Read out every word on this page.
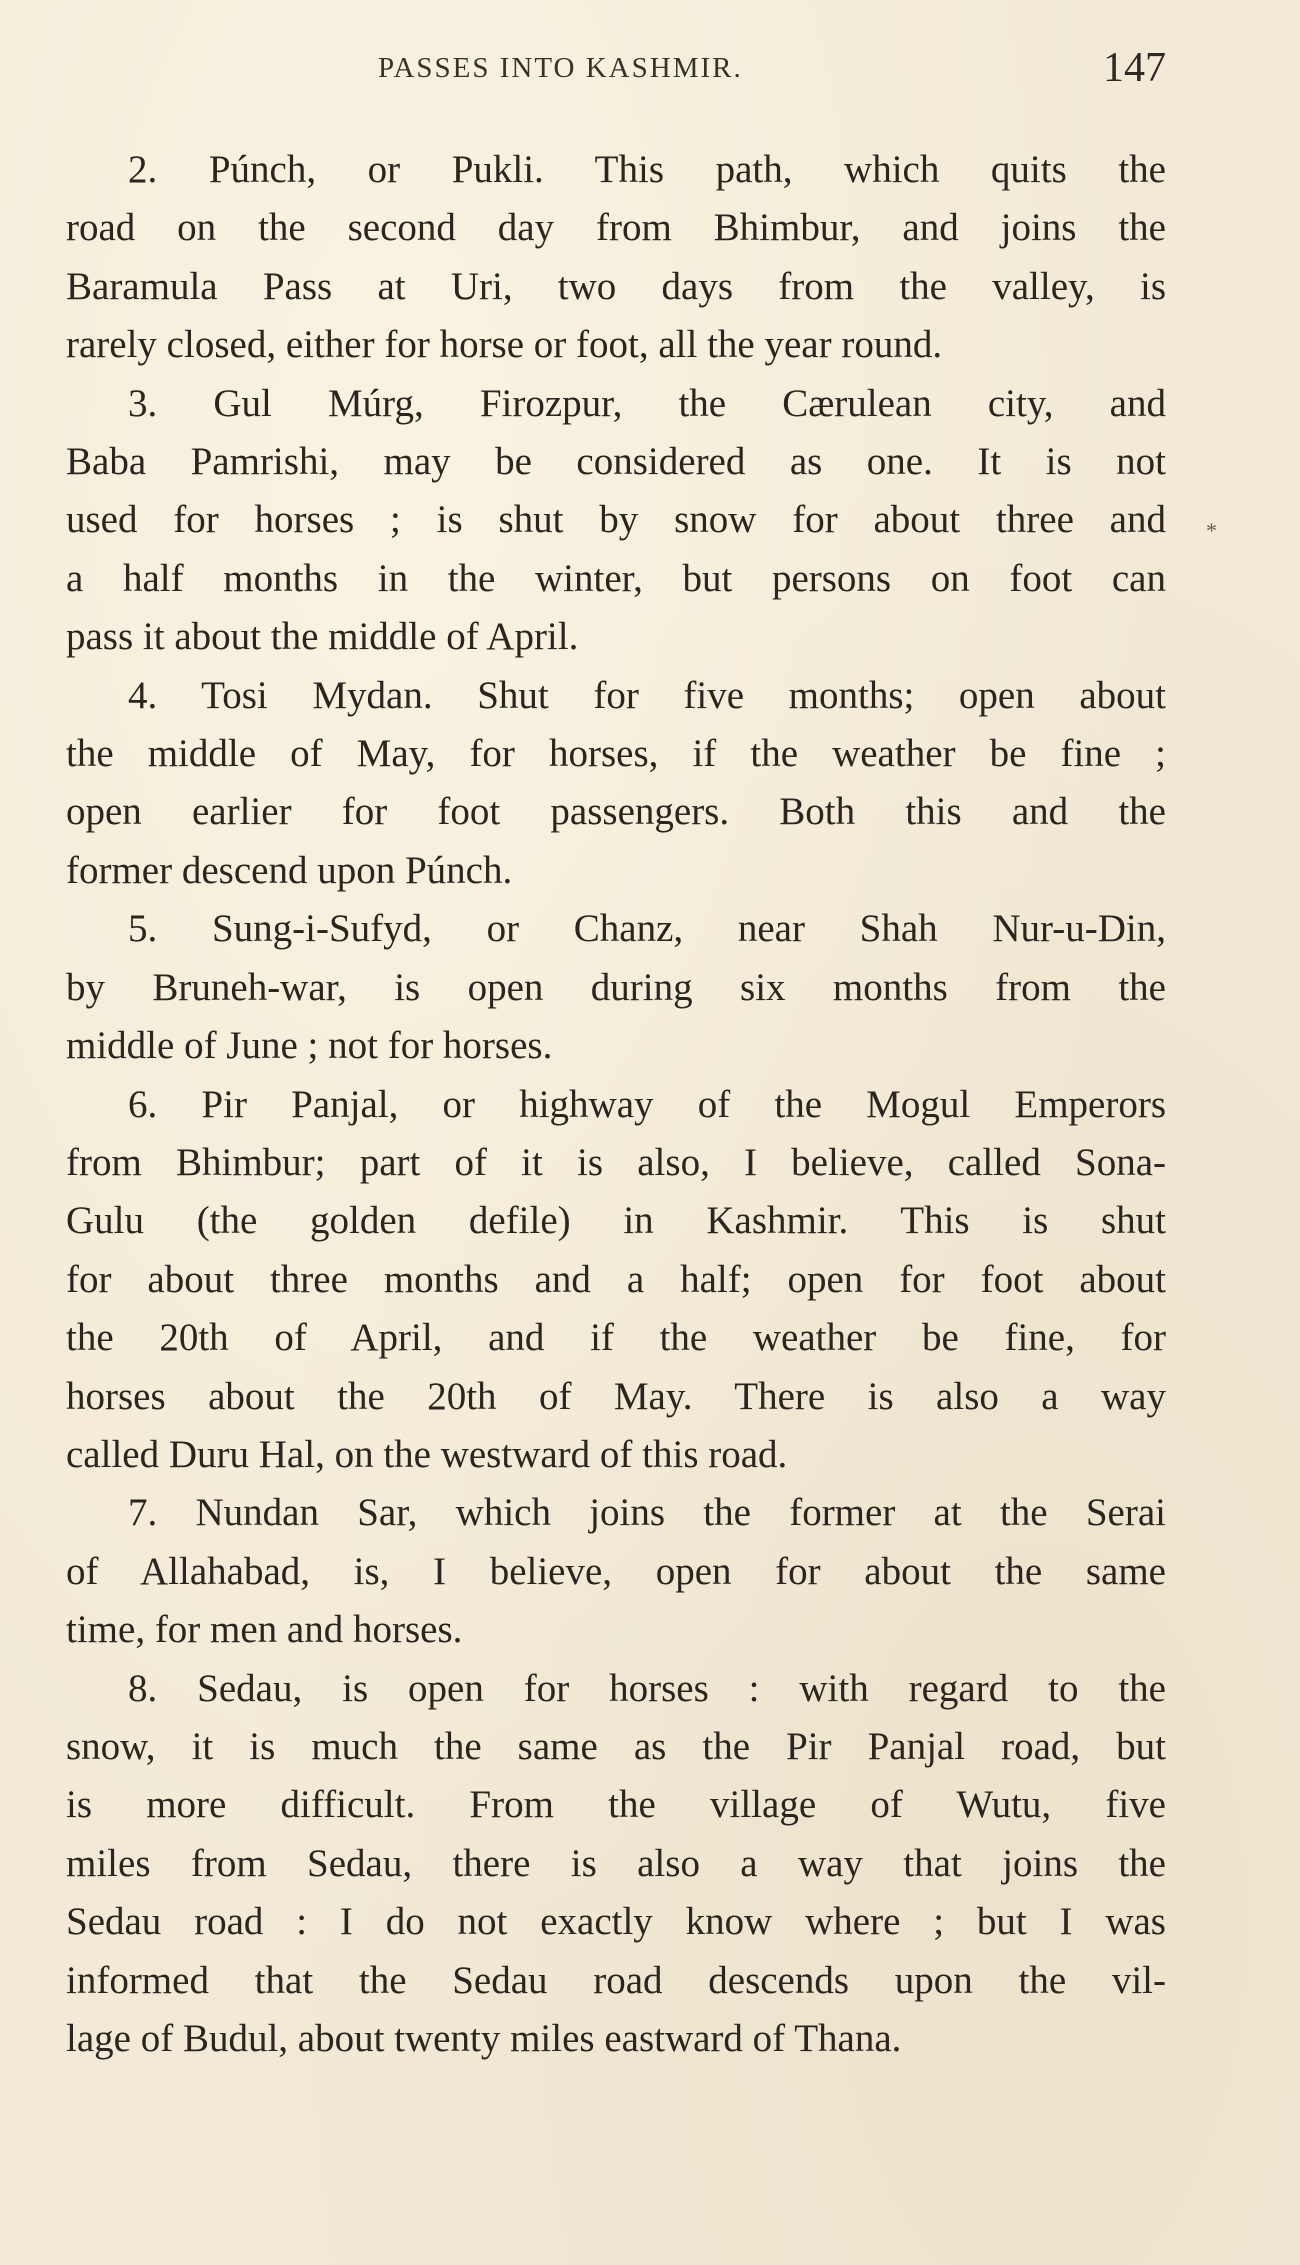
PASSES INTO KASHMIR.	147
2. Púnch, or Pukli. This path, which quits the
road on the second day from Bhimbur, and joins the
Baramula Pass at Uri, two days from the valley, is
rarely closed, either for horse or foot, all the year round.
3. Gul Múrg, Firozpur, the Cærulean city, and
Baba Pamrishi, may be considered as one. It is not
used for horses ; is shut by snow for about three and
a half months in the winter, but persons on foot can
pass it about the middle of April.
4. Tosi Mydan. Shut for five months; open about
the middle of May, for horses, if the weather be fine ;
open earlier for foot passengers. Both this and the
former descend upon Púnch.
5. Sung-i-Sufyd, or Chanz, near Shah Nur-u-Din,
by Bruneh-war, is open during six months from the
middle of June ; not for horses.
6. Pir Panjal, or highway of the Mogul Emperors
from Bhimbur; part of it is also, I believe, called Sona-
Gulu (the golden defile) in Kashmir. This is shut
for about three months and a half; open for foot about
the 20th of April, and if the weather be fine, for
horses about the 20th of May. There is also a way
called Duru Hal, on the westward of this road.
7. Nundan Sar, which joins the former at the Serai
of Allahabad, is, I believe, open for about the same
time, for men and horses.
8. Sedau, is open for horses : with regard to the
snow, it is much the same as the Pir Panjal road, but
is more difficult. From the village of Wutu, five
miles from Sedau, there is also a way that joins the
Sedau road : I do not exactly know where ; but I was
informed that the Sedau road descends upon the vil-
lage of Budul, about twenty miles eastward of Thana.
*
